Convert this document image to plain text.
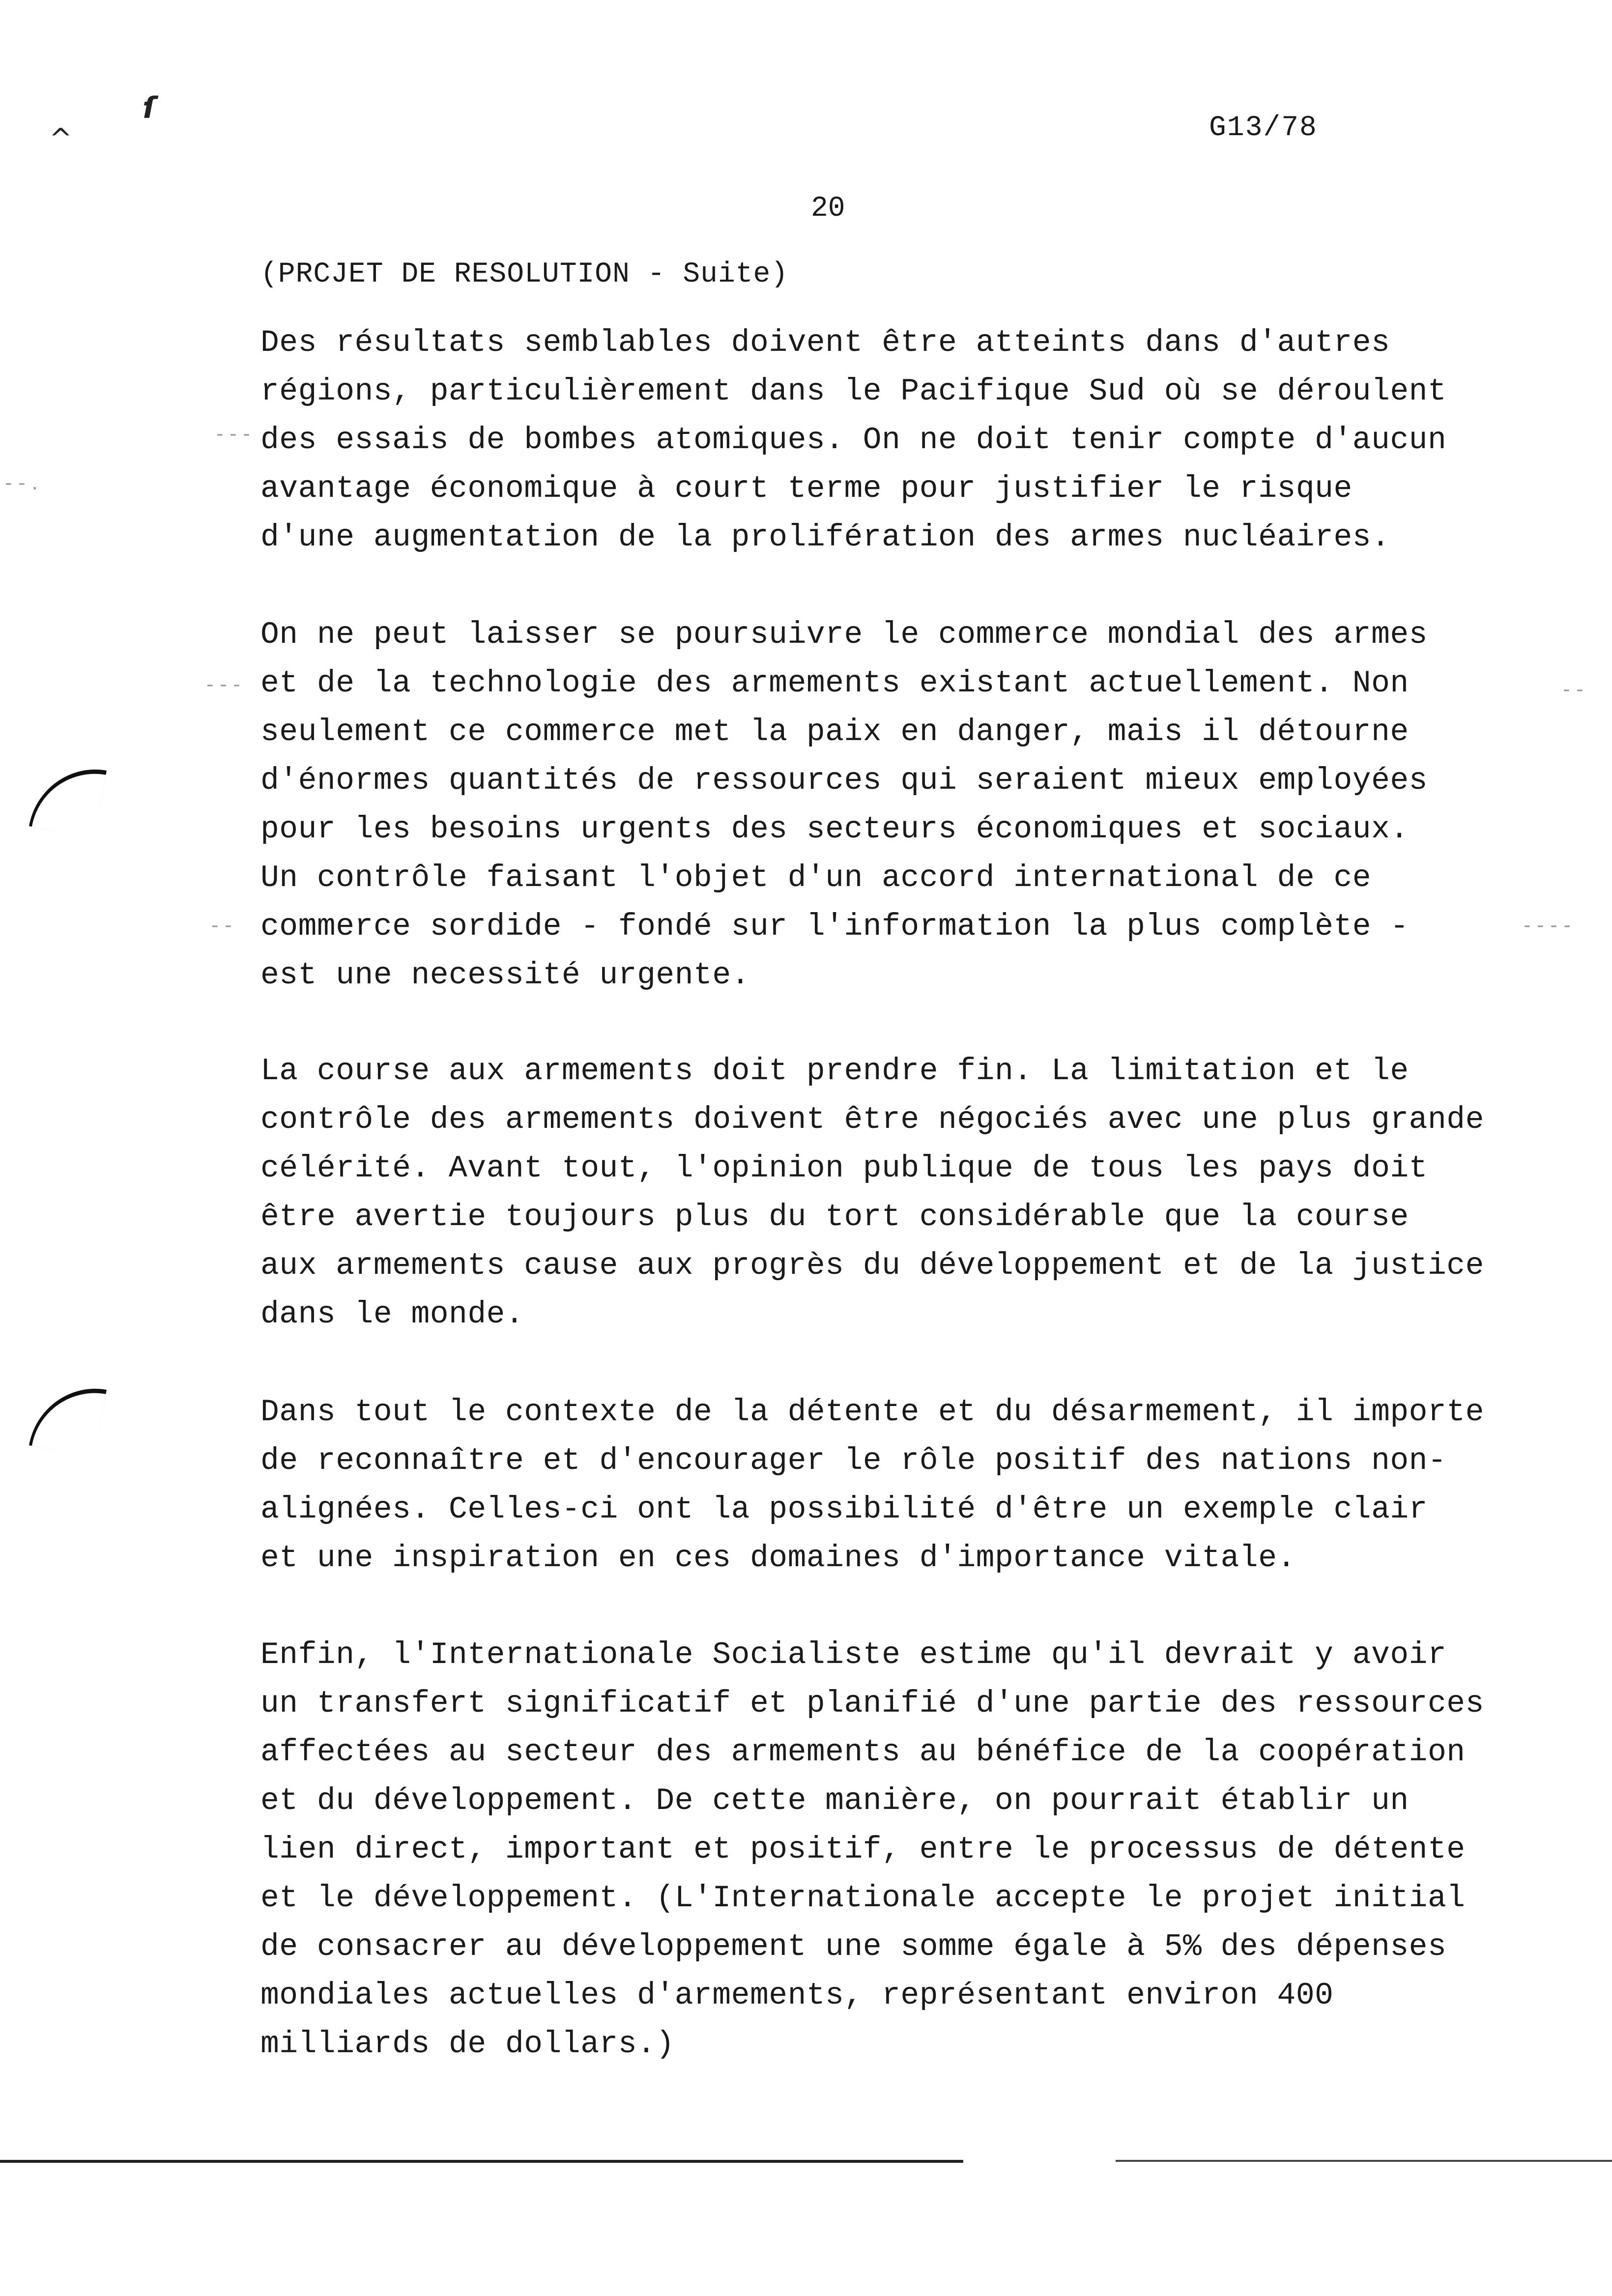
^
ſ
G13/78
20
(PRCJET DE RESOLUTION - Suite)

Des résultats semblables doivent être atteints dans d'autres
régions, particulièrement dans le Pacifique Sud où se déroulent
des essais de bombes atomiques. On ne doit tenir compte d'aucun
avantage économique à court terme pour justifier le risque
d'une augmentation de la prolifération des armes nucléaires.

On ne peut laisser se poursuivre le commerce mondial des armes
et de la technologie des armements existant actuellement. Non
seulement ce commerce met la paix en danger, mais il détourne
d'énormes quantités de ressources qui seraient mieux employées
pour les besoins urgents des secteurs économiques et sociaux.
Un contrôle faisant l'objet d'un accord international de ce
commerce sordide - fondé sur l'information la plus complète -
est une necessité urgente.

La course aux armements doit prendre fin. La limitation et le
contrôle des armements doivent être négociés avec une plus grande
célérité. Avant tout, l'opinion publique de tous les pays doit
être avertie toujours plus du tort considérable que la course
aux armements cause aux progrès du développement et de la justice
dans le monde.

Dans tout le contexte de la détente et du désarmement, il importe
de reconnaître et d'encourager le rôle positif des nations non-
alignées. Celles-ci ont la possibilité d'être un exemple clair
et une inspiration en ces domaines d'importance vitale.

Enfin, l'Internationale Socialiste estime qu'il devrait y avoir
un transfert significatif et planifié d'une partie des ressources
affectées au secteur des armements au bénéfice de la coopération
et du développement. De cette manière, on pourrait établir un
lien direct, important et positif, entre le processus de détente
et le développement. (L'Internationale accepte le projet initial
de consacrer au développement une somme égale à 5% des dépenses
mondiales actuelles d'armements, représentant environ 400
milliards de dollars.)

- - -
- - .
- - -
- -	- - - -
- -
